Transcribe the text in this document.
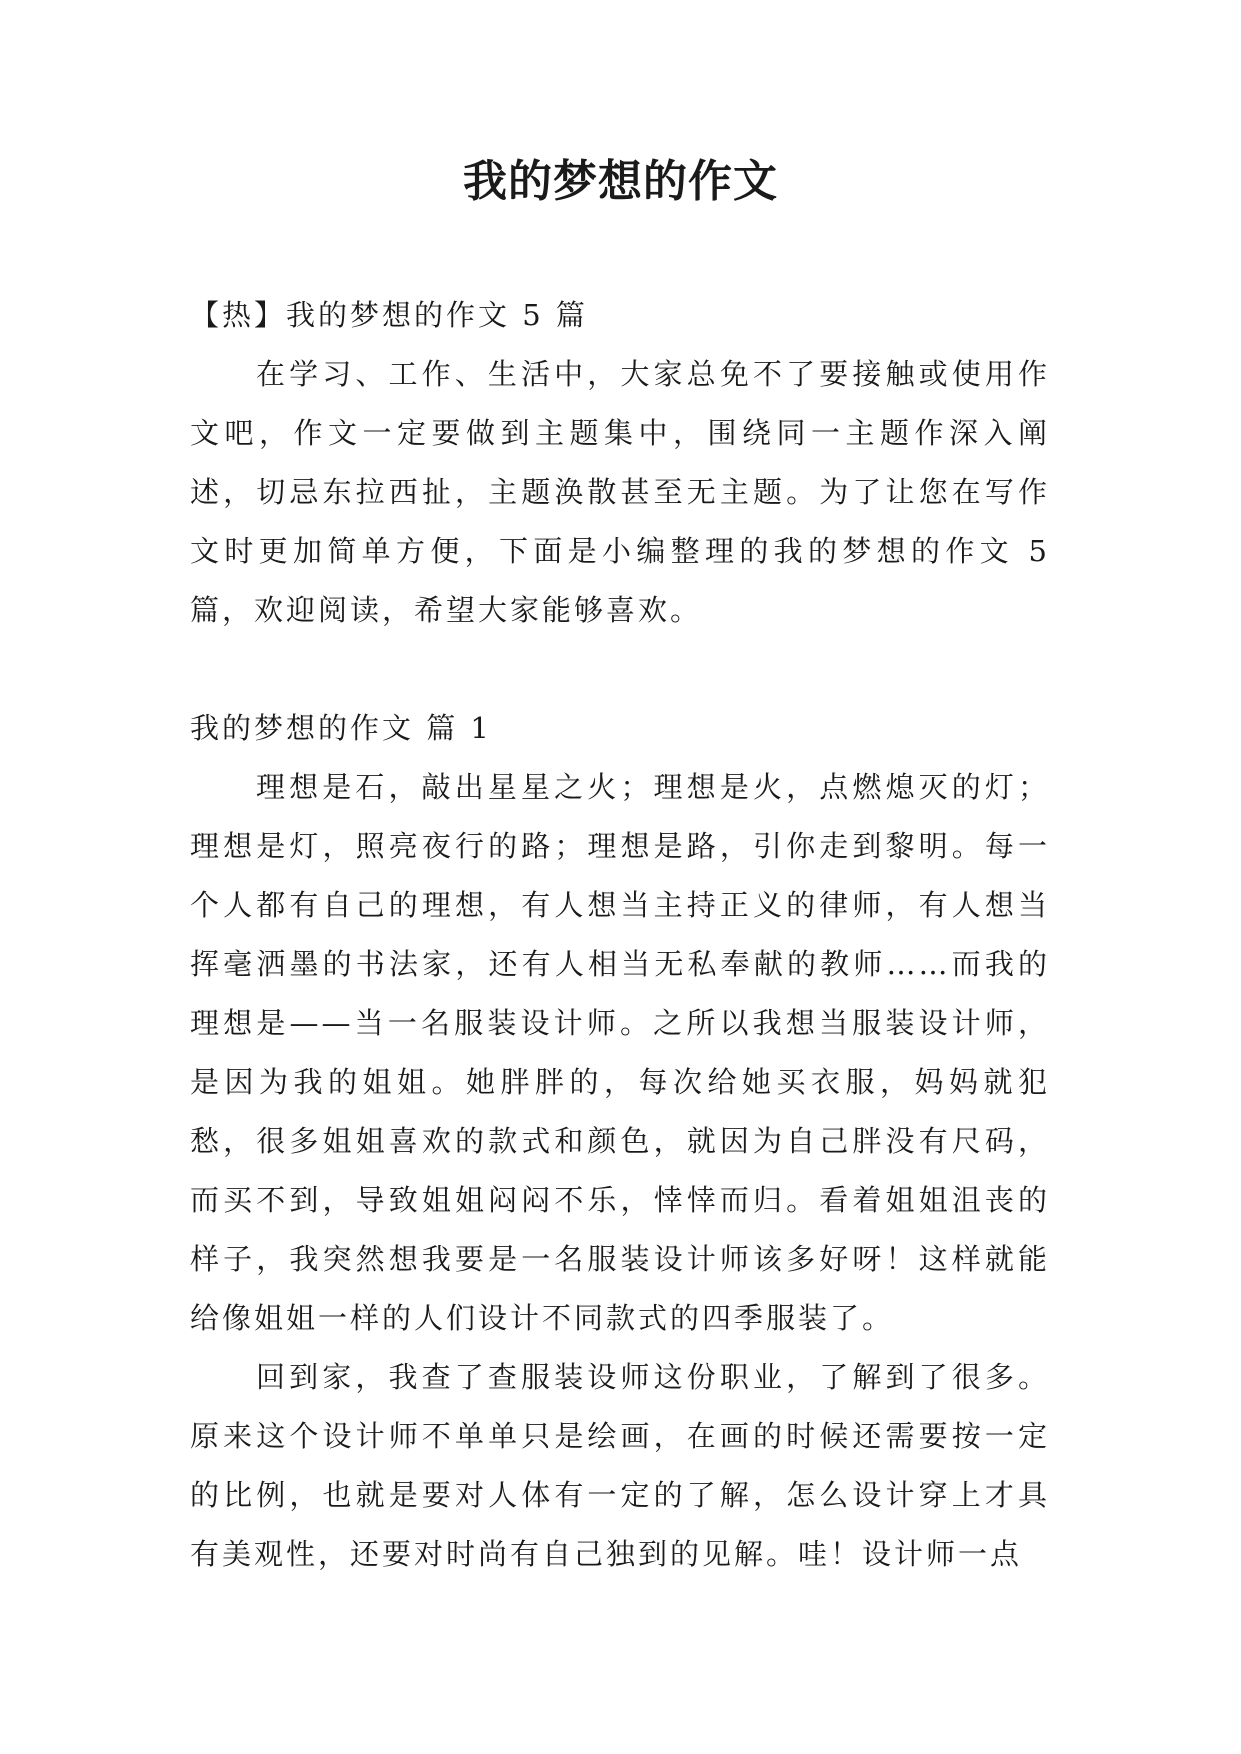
我的梦想的作文

【热】我的梦想的作文 5 篇

在学习、工作、生活中，大家总免不了要接触或使用作文吧，作文一定要做到主题集中，围绕同一主题作深入阐述，切忌东拉西扯，主题涣散甚至无主题。为了让您在写作文时更加简单方便，下面是小编整理的我的梦想的作文 5 篇，欢迎阅读，希望大家能够喜欢。

我的梦想的作文 篇 1

理想是石，敲出星星之火；理想是火，点燃熄灭的灯；理想是灯，照亮夜行的路；理想是路，引你走到黎明。每一个人都有自己的理想，有人想当主持正义的律师，有人想当挥毫洒墨的书法家，还有人相当无私奉献的教师……而我的理想是——当一名服装设计师。之所以我想当服装设计师，是因为我的姐姐。她胖胖的，每次给她买衣服，妈妈就犯愁，很多姐姐喜欢的款式和颜色，就因为自己胖没有尺码，而买不到，导致姐姐闷闷不乐，悻悻而归。看着姐姐沮丧的样子，我突然想我要是一名服装设计师该多好呀！这样就能给像姐姐一样的人们设计不同款式的四季服装了。

回到家，我查了查服装设师这份职业，了解到了很多。原来这个设计师不单单只是绘画，在画的时候还需要按一定的比例，也就是要对人体有一定的了解，怎么设计穿上才具有美观性，还要对时尚有自己独到的见解。哇！设计师一点
